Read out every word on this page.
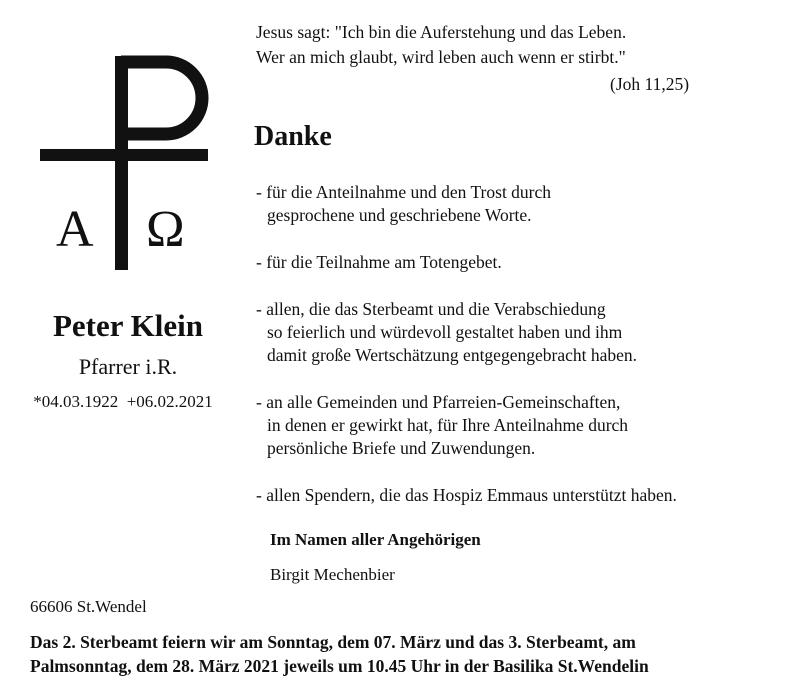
A Ω
Peter Klein
Pfarrer i.R.
*04.03.1922  +06.02.2021
Jesus sagt: "Ich bin die Auferstehung und das Leben.
Wer an mich glaubt, wird leben auch wenn er stirbt."
(Joh 11,25)
Danke
- für die Anteilnahme und den Trost durch
gesprochene und geschriebene Worte.
- für die Teilnahme am Totengebet.
- allen, die das Sterbeamt und die Verabschiedung
so feierlich und würdevoll gestaltet haben und ihm
damit große Wertschätzung entgegengebracht haben.
- an alle Gemeinden und Pfarreien-Gemeinschaften,
in denen er gewirkt hat, für Ihre Anteilnahme durch
persönliche Briefe und Zuwendungen.
- allen Spendern, die das Hospiz Emmaus unterstützt haben.
Im Namen aller Angehörigen
Birgit Mechenbier
66606 St.Wendel
Das 2. Sterbeamt feiern wir am Sonntag, dem 07. März und das 3. Sterbeamt, am
Palmsonntag, dem 28. März 2021 jeweils um 10.45 Uhr in der Basilika St.Wendelin
